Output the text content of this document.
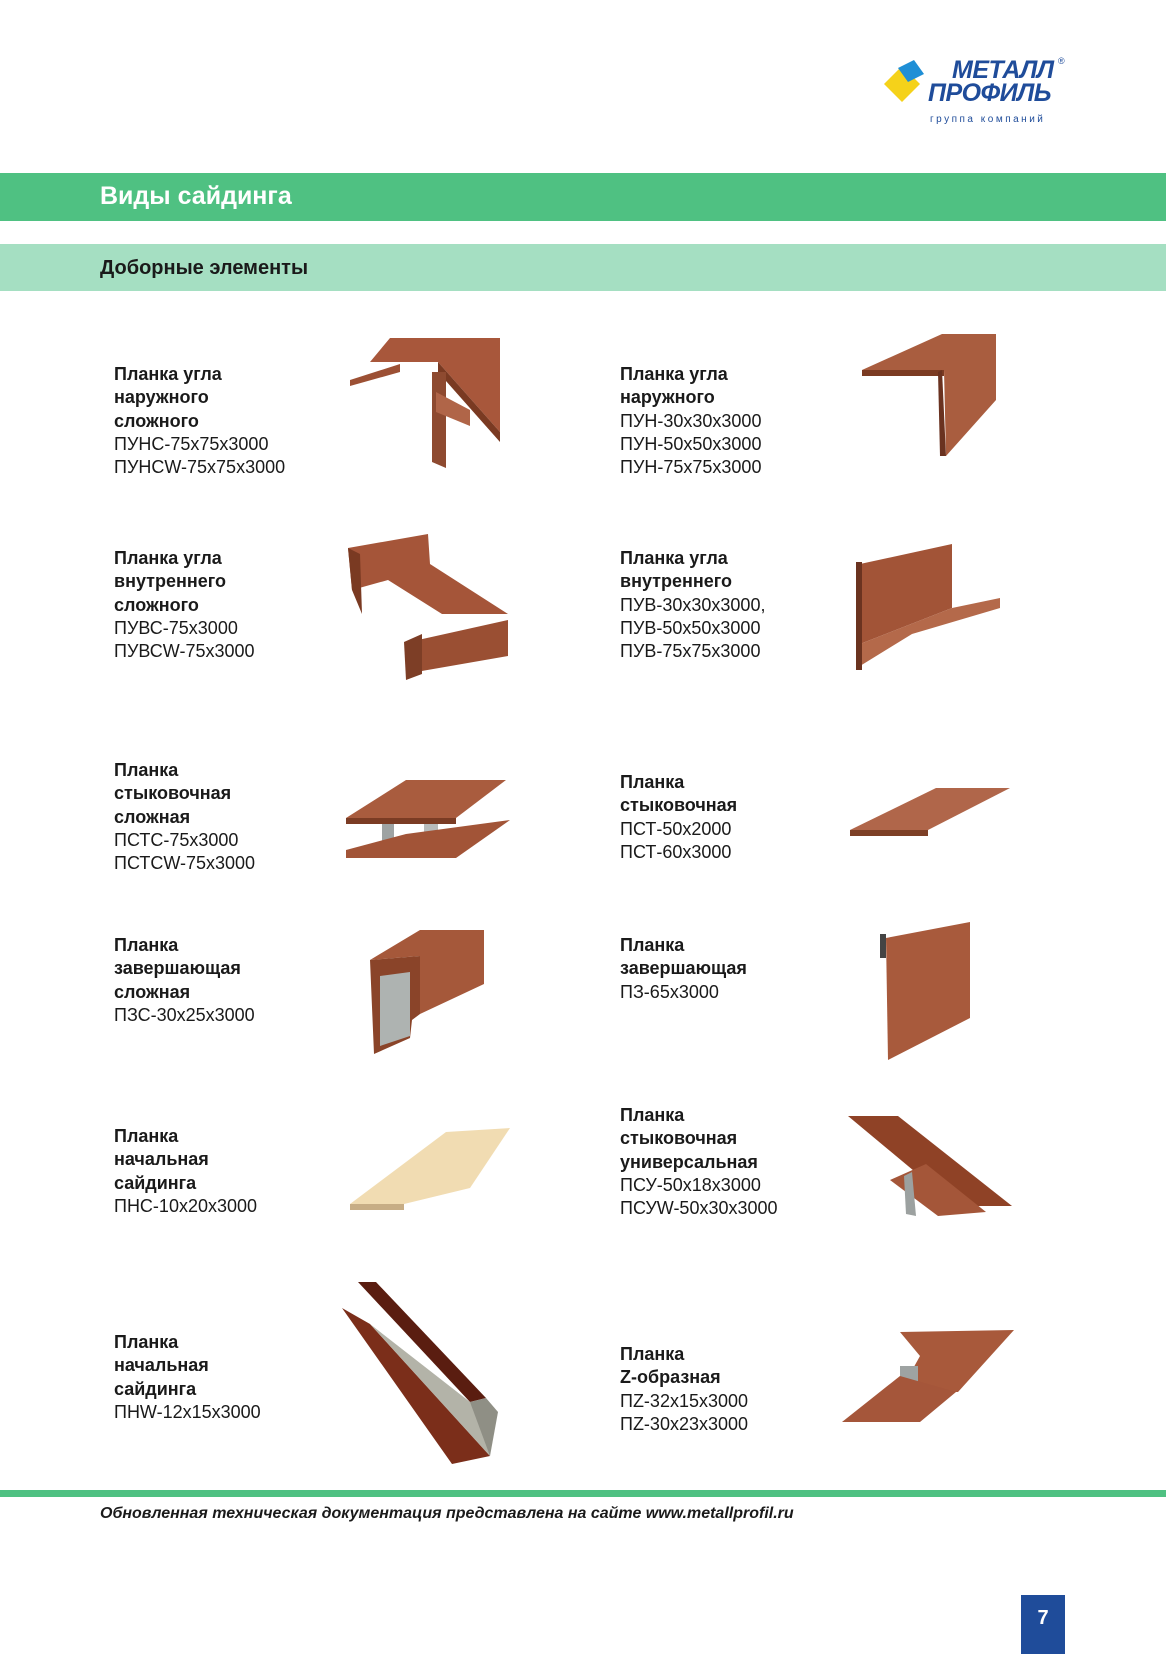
МЕТАЛЛ
ПРОФИЛЬ
группа компаний
®
Виды сайдинга
Доборные элементы
Планка угла
наружного
сложного
ПУНС-75х75х3000
ПУНСW-75х75х3000
Планка угла
наружного
ПУН-30х30х3000
ПУН-50х50х3000
ПУН-75х75х3000
Планка угла
внутреннего
сложного
ПУВС-75х3000
ПУВСW-75х3000
Планка угла
внутреннего
ПУВ-30х30х3000,
ПУВ-50х50х3000
ПУВ-75х75х3000
Планка
стыковочная
сложная
ПСТС-75х3000
ПСТСW-75х3000
Планка
стыковочная
ПСТ-50х2000
ПСТ-60х3000
Планка
завершающая
сложная
ПЗС-30х25х3000
Планка
завершающая
ПЗ-65х3000
Планка
начальная
сайдинга
ПНС-10х20х3000
Планка
стыковочная
универсальная
ПСУ-50х18х3000
ПСУW-50х30х3000
Планка
начальная
сайдинга
ПНW-12х15х3000
Планка
Z-образная
ПZ-32х15х3000
ПZ-30х23х3000
Обновленная техническая документация представлена на сайте www.metallprofil.ru
7
